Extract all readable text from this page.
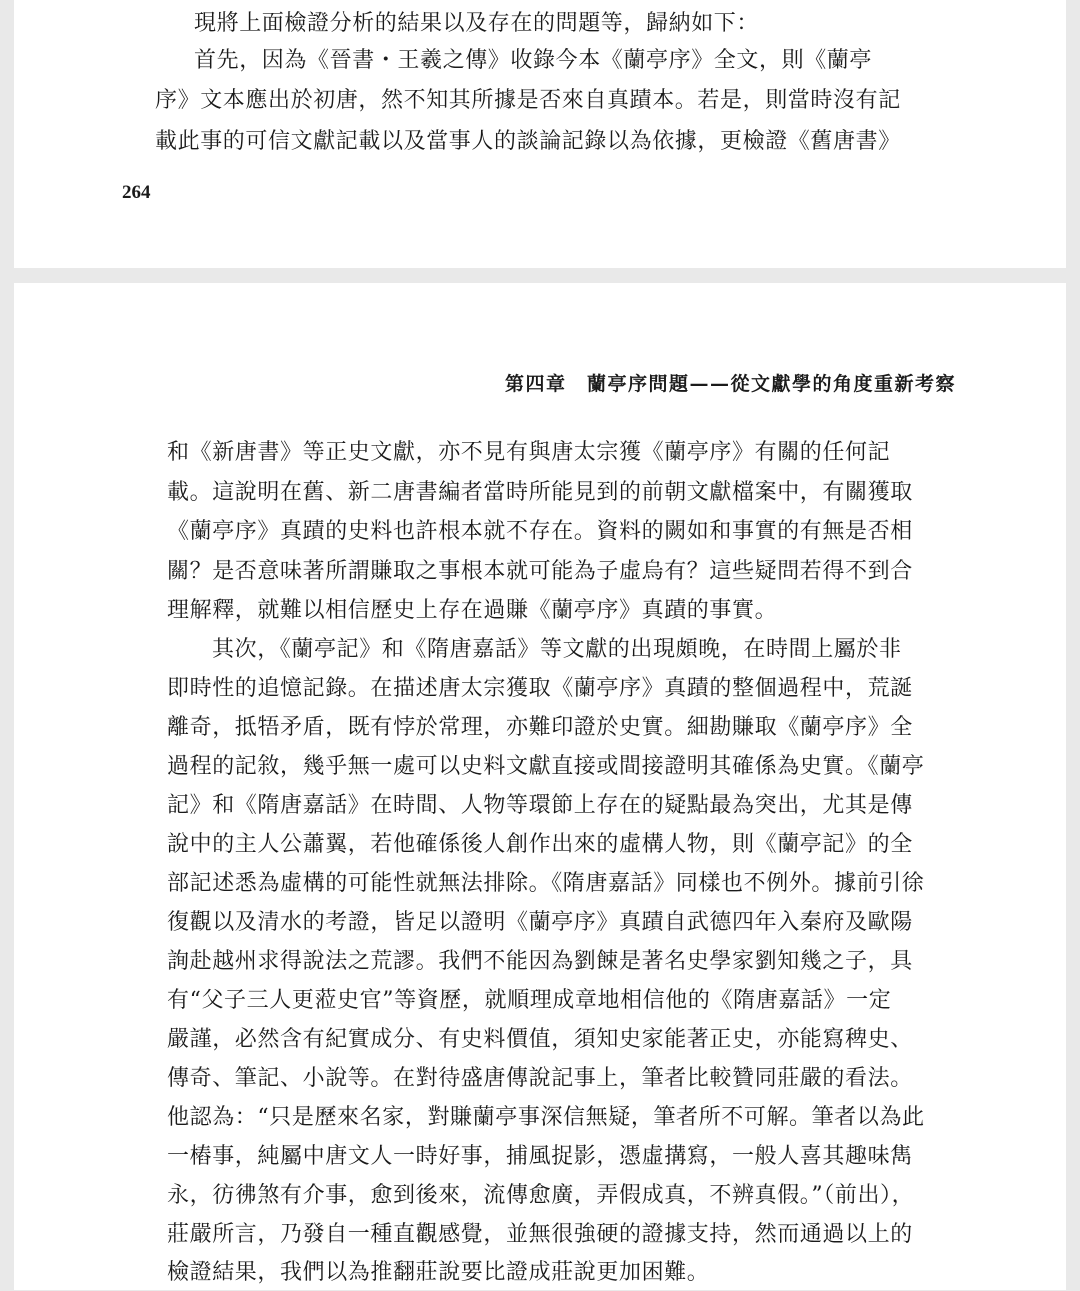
現將上面檢證分析的結果以及存在的問題等，歸納如下：
首先，因為《晉書・王羲之傳》收錄今本《蘭亭序》全文，則《蘭亭
序》文本應出於初唐，然不知其所據是否來自真蹟本。若是，則當時沒有記
載此事的可信文獻記載以及當事人的談論記錄以為依據，更檢證《舊唐書》
264
第四章　蘭亭序問題——從文獻學的角度重新考察
和《新唐書》等正史文獻，亦不見有與唐太宗獲《蘭亭序》有關的任何記
載。這說明在舊、新二唐書編者當時所能見到的前朝文獻檔案中，有關獲取
《蘭亭序》真蹟的史料也許根本就不存在。資料的闕如和事實的有無是否相
關？是否意味著所謂賺取之事根本就可能為子虛烏有？這些疑問若得不到合
理解釋，就難以相信歷史上存在過賺《蘭亭序》真蹟的事實。
其次，《蘭亭記》和《隋唐嘉話》等文獻的出現頗晚，在時間上屬於非
即時性的追憶記錄。在描述唐太宗獲取《蘭亭序》真蹟的整個過程中，荒誕
離奇，抵牾矛盾，既有悖於常理，亦難印證於史實。細勘賺取《蘭亭序》全
過程的記敘，幾乎無一處可以史料文獻直接或間接證明其確係為史實。《蘭亭
記》和《隋唐嘉話》在時間、人物等環節上存在的疑點最為突出，尤其是傳
說中的主人公蕭翼，若他確係後人創作出來的虛構人物，則《蘭亭記》的全
部記述悉為虛構的可能性就無法排除。《隋唐嘉話》同樣也不例外。據前引徐
復觀以及清水的考證，皆足以證明《蘭亭序》真蹟自武德四年入秦府及歐陽
詢赴越州求得說法之荒謬。我們不能因為劉餗是著名史學家劉知幾之子，具
有“父子三人更蒞史官”等資歷，就順理成章地相信他的《隋唐嘉話》一定
嚴謹，必然含有紀實成分、有史料價值，須知史家能著正史，亦能寫稗史、
傳奇、筆記、小說等。在對待盛唐傳說記事上，筆者比較贊同莊嚴的看法。
他認為：“只是歷來名家，對賺蘭亭事深信無疑，筆者所不可解。筆者以為此
一樁事，純屬中唐文人一時好事，捕風捉影，憑虛搆寫，一般人喜其趣味雋
永，彷彿煞有介事，愈到後來，流傳愈廣，弄假成真，不辨真假。”（前出），
莊嚴所言，乃發自一種直觀感覺，並無很強硬的證據支持，然而通過以上的
檢證結果，我們以為推翻莊說要比證成莊說更加困難。
